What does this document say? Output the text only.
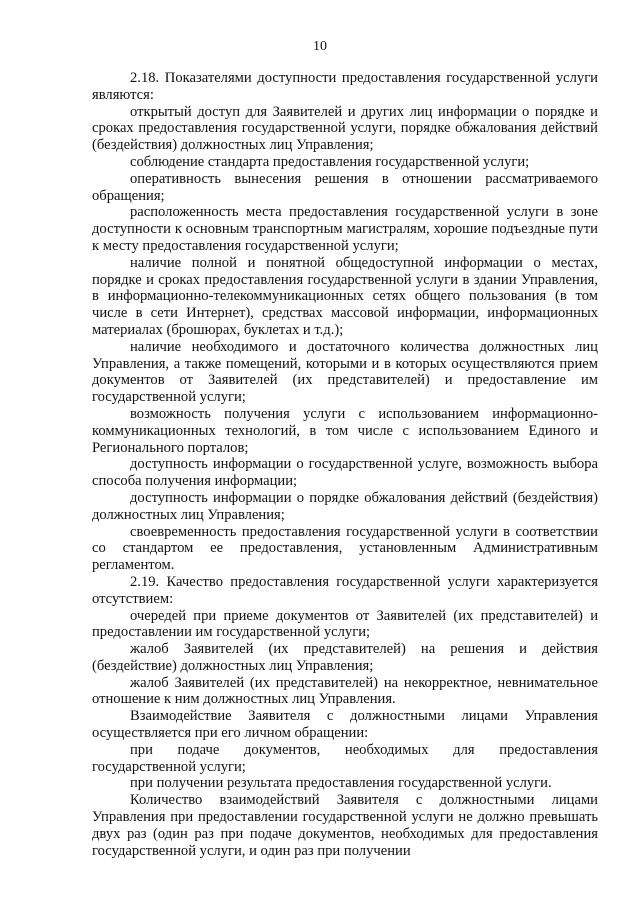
10

2.18. Показателями доступности предоставления государственной услуги являются:

открытый доступ для Заявителей и других лиц информации о порядке и сроках предоставления государственной услуги, порядке обжалования действий (бездействия) должностных лиц Управления;

соблюдение стандарта предоставления государственной услуги;

оперативность вынесения решения в отношении рассматриваемого обращения;

расположенность места предоставления государственной услуги в зоне доступности к основным транспортным магистралям, хорошие подъездные пути к месту предоставления государственной услуги;

наличие полной и понятной общедоступной информации о местах, порядке и сроках предоставления государственной услуги в здании Управления, в информационно-телекоммуникационных сетях общего пользования (в том числе в сети Интернет), средствах массовой информации, информационных материалах (брошюрах, буклетах и т.д.);

наличие необходимого и достаточного количества должностных лиц Управления, а также помещений, которыми и в которых осуществляются прием документов от Заявителей (их представителей) и предоставление им государственной услуги;

возможность получения услуги с использованием информационно-коммуникационных технологий, в том числе с использованием Единого и Регионального порталов;

доступность информации о государственной услуге, возможность выбора способа получения информации;

доступность информации о порядке обжалования действий (бездействия) должностных лиц Управления;

своевременность предоставления государственной услуги в соответствии со стандартом ее предоставления, установленным Административным регламентом.

2.19. Качество предоставления государственной услуги характеризуется отсутствием:

очередей при приеме документов от Заявителей (их представителей) и предоставлении им государственной услуги;

жалоб Заявителей (их представителей) на решения и действия (бездействие) должностных лиц Управления;

жалоб Заявителей (их представителей) на некорректное, невнимательное отношение к ним должностных лиц Управления.

Взаимодействие Заявителя с должностными лицами Управления осуществляется при его личном обращении:

при подаче документов, необходимых для предоставления государственной услуги;

при получении результата предоставления государственной услуги.

Количество взаимодействий Заявителя с должностными лицами Управления при предоставлении государственной услуги не должно превышать двух раз (один раз при подаче документов, необходимых для предоставления государственной услуги, и один раз при получении
